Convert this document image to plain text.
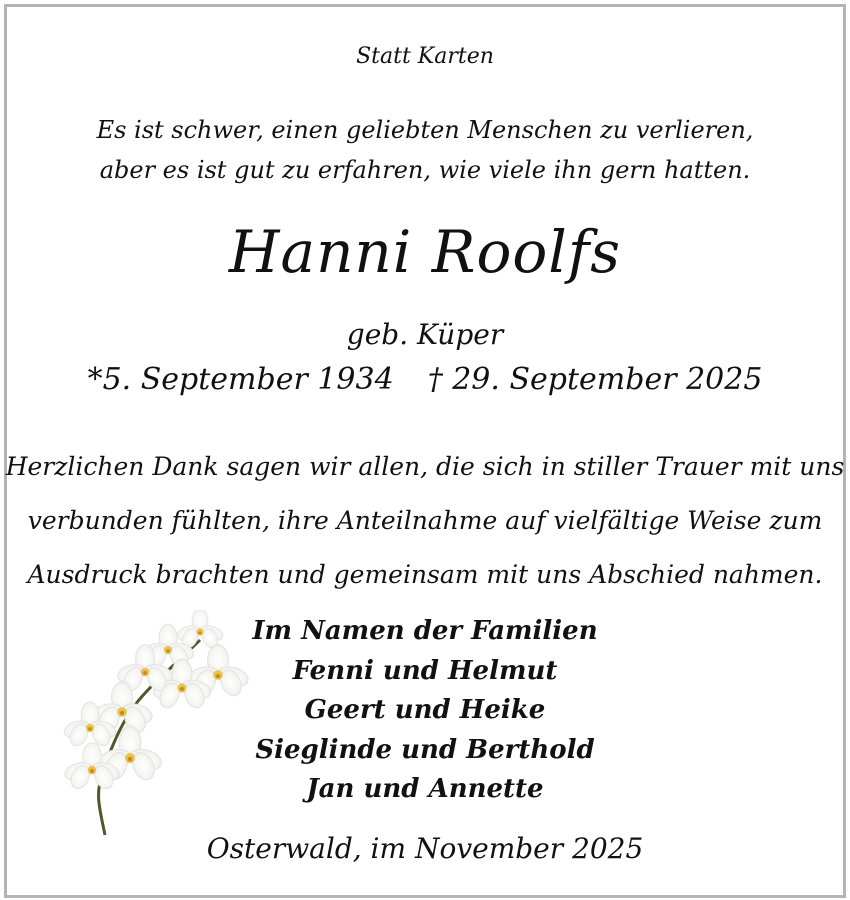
Statt Karten
Es ist schwer, einen geliebten Menschen zu verlieren,
aber es ist gut zu erfahren, wie viele ihn gern hatten.
Hanni Roolfs
geb. Küper
*5. September 1934 † 29. September 2025
Herzlichen Dank sagen wir allen, die sich in stiller Trauer mit uns
verbunden fühlten, ihre Anteilnahme auf vielfältige Weise zum
Ausdruck brachten und gemeinsam mit uns Abschied nahmen.
Im Namen der Familien
Fenni und Helmut
Geert und Heike
Sieglinde und Berthold
Jan und Annette
Osterwald, im November 2025
